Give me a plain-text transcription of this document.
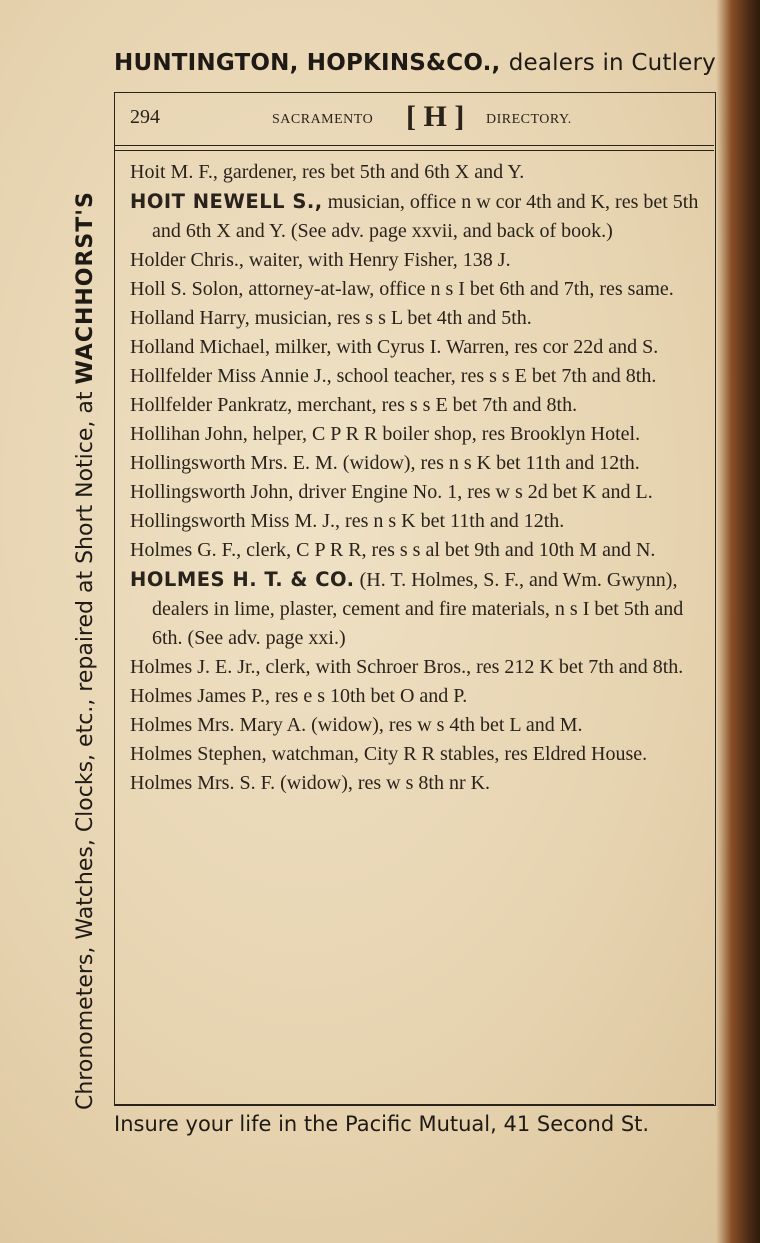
HUNTINGTON, HOPKINS&CO., dealers in Cutlery
Chronometers, Watches, Clocks, etc., repaired at Short Notice, at WACHHORST'S
294	SACRAMENTO [ H ] DIRECTORY.
Hoit M. F., gardener, res bet 5th and 6th X and Y.
HOIT NEWELL S., musician, office n w cor 4th and K, res bet 5th and 6th X and Y. (See adv. page xxvii, and back of book.)
Holder Chris., waiter, with Henry Fisher, 138 J.
Holl S. Solon, attorney-at-law, office n s I bet 6th and 7th, res same.
Holland Harry, musician, res s s L bet 4th and 5th.
Holland Michael, milker, with Cyrus I. Warren, res cor 22d and S.
Hollfelder Miss Annie J., school teacher, res s s E bet 7th and 8th.
Hollfelder Pankratz, merchant, res s s E bet 7th and 8th.
Hollihan John, helper, C P R R boiler shop, res Brooklyn Hotel.
Hollingsworth Mrs. E. M. (widow), res n s K bet 11th and 12th.
Hollingsworth John, driver Engine No. 1, res w s 2d bet K and L.
Hollingsworth Miss M. J., res n s K bet 11th and 12th.
Holmes G. F., clerk, C P R R, res s s al bet 9th and 10th M and N.
HOLMES H. T. & CO. (H. T. Holmes, S. F., and Wm. Gwynn), dealers in lime, plaster, cement and fire materials, n s I bet 5th and 6th. (See adv. page xxi.)
Holmes J. E. Jr., clerk, with Schroer Bros., res 212 K bet 7th and 8th.
Holmes James P., res e s 10th bet O and P.
Holmes Mrs. Mary A. (widow), res w s 4th bet L and M.
Holmes Stephen, watchman, City R R stables, res Eldred House.
Holmes Mrs. S. F. (widow), res w s 8th nr K.
Insure your life in the Pacific Mutual, 41 Second St.
